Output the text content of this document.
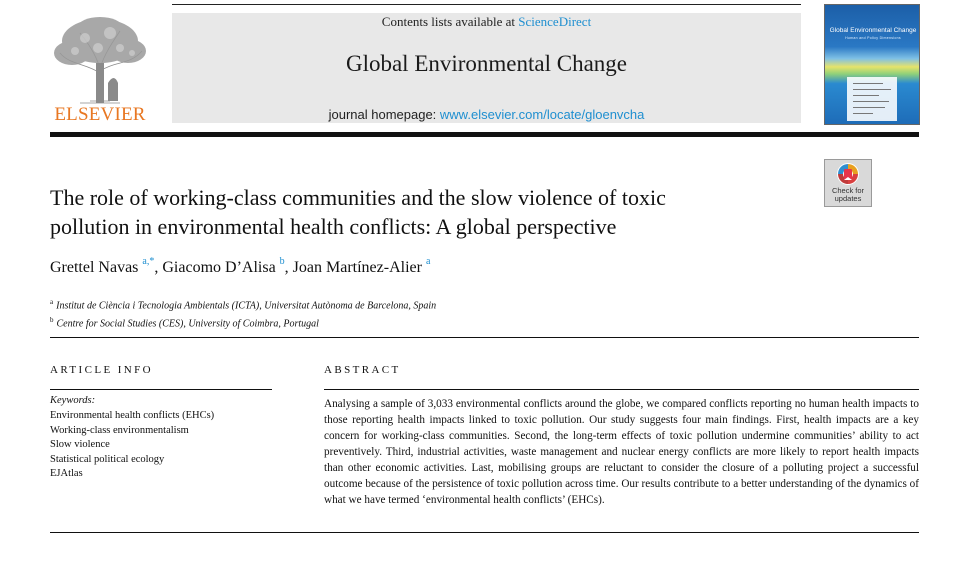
ELSEVIER
Contents lists available at ScienceDirect
Global Environmental Change
journal homepage: www.elsevier.com/locate/gloenvcha
Global Environmental Change
Human and Policy Dimensions
Check for updates
The role of working-class communities and the slow violence of toxic
pollution in environmental health conflicts: A global perspective
Grettel Navas $^{a,*}$, Giacomo D’Alisa $^b$, Joan Martínez-Alier $^a$
$^a$ Institut de Ciència i Tecnologia Ambientals (ICTA), Universitat Autònoma de Barcelona, Spain
$^b$ Centre for Social Studies (CES), University of Coimbra, Portugal
ARTICLE INFO
Keywords:
Environmental health conflicts (EHCs)
Working-class environmentalism
Slow violence
Statistical political ecology
EJAtlas
ABSTRACT
Analysing a sample of 3,033 environmental conflicts around the globe, we compared conflicts reporting no human health impacts to those reporting health impacts linked to toxic pollution. Our study suggests four main findings. First, health impacts are a key concern for working-class communities. Second, the long-term effects of toxic pollution undermine communities’ ability to act preventively. Third, industrial activities, waste management and nuclear energy conflicts are more likely to report health impacts than other economic activities. Last, mobilising groups are reluctant to consider the closure of a polluting project a successful outcome because of the persistence of toxic pollution across time. Our results contribute to a better understanding of the dynamics of what we have termed ‘environmental health conflicts’ (EHCs).
